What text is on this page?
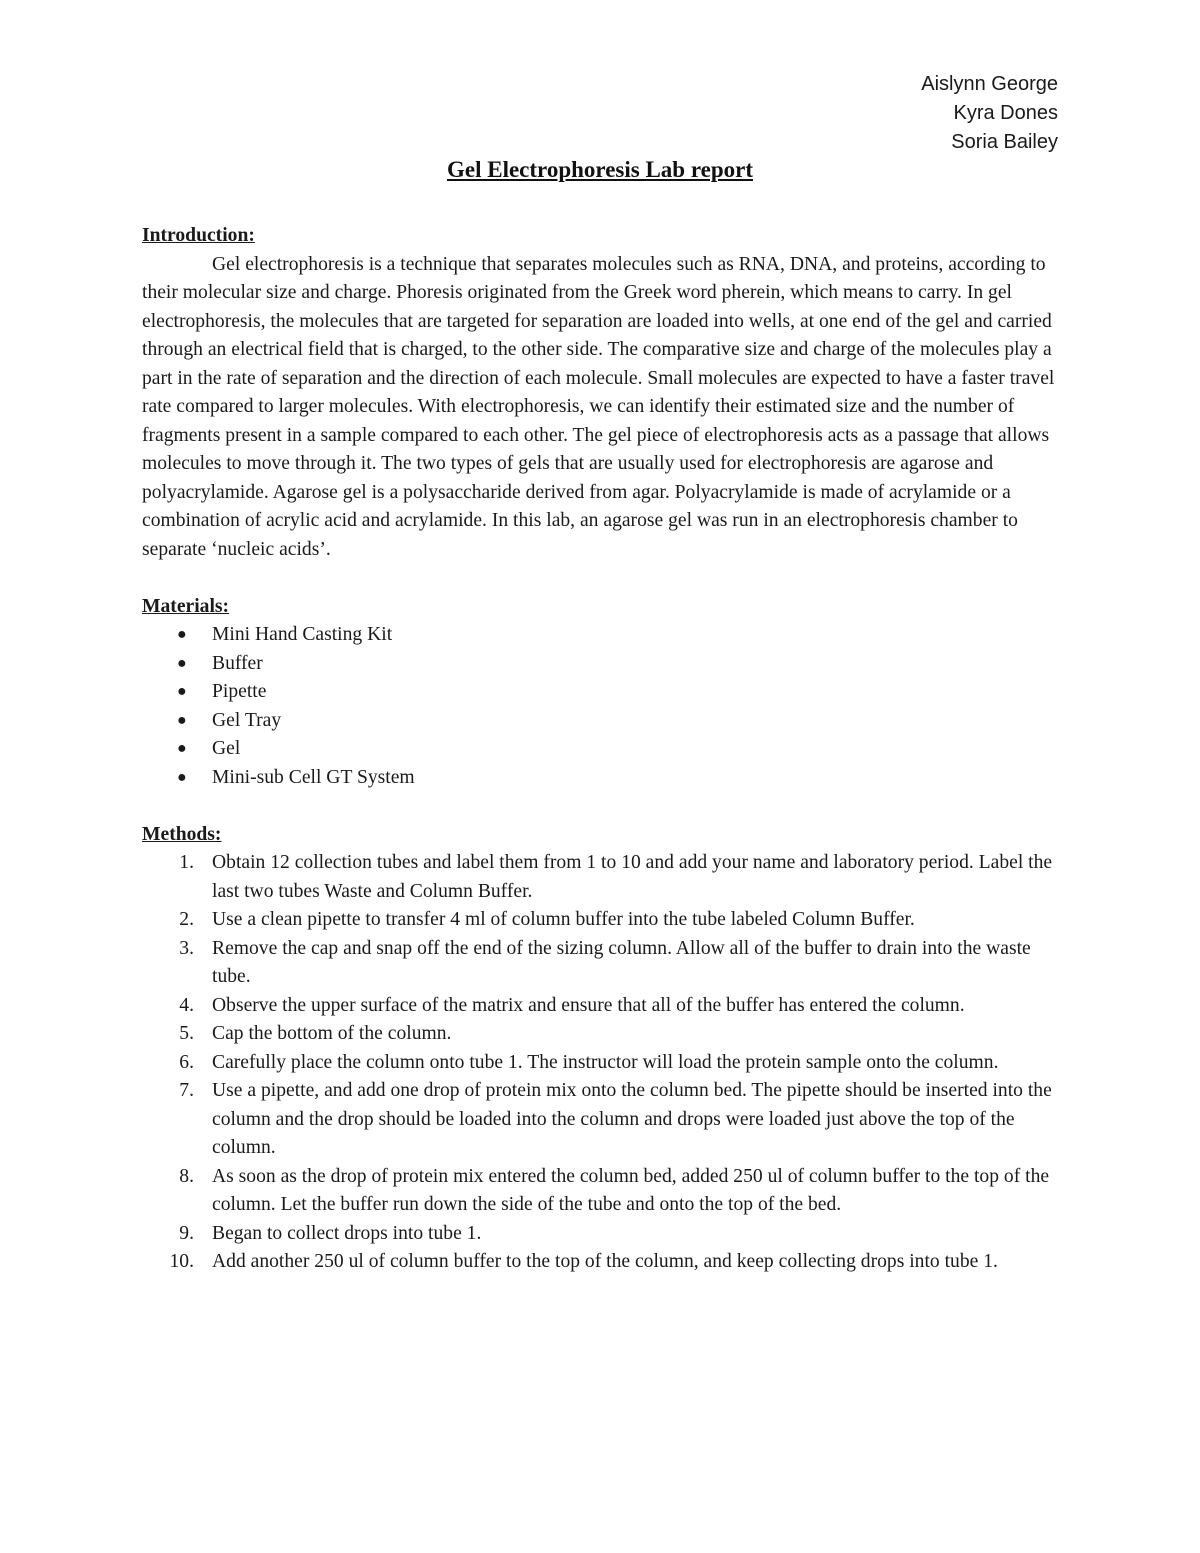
Aislynn George
Kyra Dones
Soria Bailey
Gel Electrophoresis Lab report

Introduction:

Gel electrophoresis is a technique that separates molecules such as RNA, DNA, and proteins, according to their molecular size and charge. Phoresis originated from the Greek word pherein, which means to carry. In gel electrophoresis, the molecules that are targeted for separation are loaded into wells, at one end of the gel and carried through an electrical field that is charged, to the other side. The comparative size and charge of the molecules play a part in the rate of separation and the direction of each molecule. Small molecules are expected to have a faster travel rate compared to larger molecules. With electrophoresis, we can identify their estimated size and the number of fragments present in a sample compared to each other. The gel piece of electrophoresis acts as a passage that allows molecules to move through it. The two types of gels that are usually used for electrophoresis are agarose and polyacrylamide. Agarose gel is a polysaccharide derived from agar. Polyacrylamide is made of acrylamide or a combination of acrylic acid and acrylamide. In this lab, an agarose gel was run in an electrophoresis chamber to separate ‘nucleic acids’.

Materials:

● Mini Hand Casting Kit
● Buffer
● Pipette
● Gel Tray
● Gel
● Mini-sub Cell GT System

Methods:

1. Obtain 12 collection tubes and label them from 1 to 10 and add your name and laboratory period. Label the last two tubes Waste and Column Buffer.
2. Use a clean pipette to transfer 4 ml of column buffer into the tube labeled Column Buffer.
3. Remove the cap and snap off the end of the sizing column. Allow all of the buffer to drain into the waste tube.
4. Observe the upper surface of the matrix and ensure that all of the buffer has entered the column.
5. Cap the bottom of the column.
6. Carefully place the column onto tube 1. The instructor will load the protein sample onto the column.
7. Use a pipette, and add one drop of protein mix onto the column bed. The pipette should be inserted into the column and the drop should be loaded into the column and drops were loaded just above the top of the column.
8. As soon as the drop of protein mix entered the column bed, added 250 ul of column buffer to the top of the column. Let the buffer run down the side of the tube and onto the top of the bed.
9. Began to collect drops into tube 1.
10. Add another 250 ul of column buffer to the top of the column, and keep collecting drops into tube 1.
